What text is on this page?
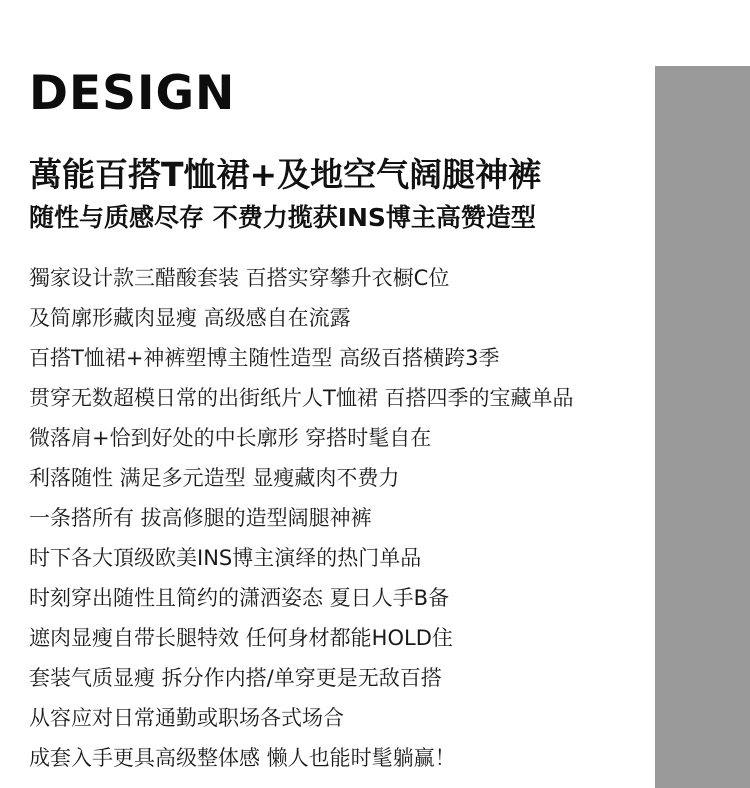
DESIGN
萬能百搭T恤裙+及地空气阔腿神裤
随性与质感尽存 不费力揽获INS博主高赞造型
獨家设计款三醋酸套装 百搭实穿攀升衣橱C位
及简廓形藏肉显瘦 高级感自在流露
百搭T恤裙+神裤塑博主随性造型 高级百搭横跨3季
贯穿无数超模日常的出街纸片人T恤裙 百搭四季的宝藏单品
微落肩+恰到好处的中长廓形 穿搭时髦自在
利落随性 满足多元造型 显瘦藏肉不费力
一条搭所有 拔高修腿的造型阔腿神裤
时下各大頂级欧美INS博主演绎的热门单品
时刻穿出随性且简约的潇洒姿态 夏日人手B备
遮肉显瘦自带长腿特效 任何身材都能HOLD住
套装气质显瘦 拆分作内搭/单穿更是无敌百搭
从容应对日常通勤或职场各式场合
成套入手更具高级整体感 懒人也能时髦躺赢！
